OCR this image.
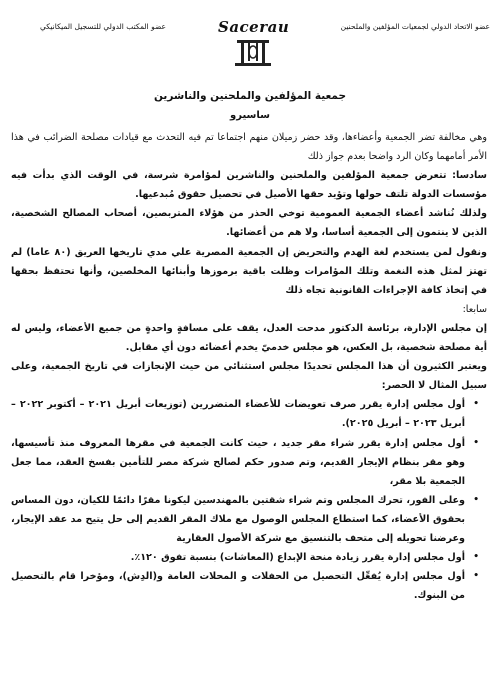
عضو الاتحاد الدولي لجمعيات المؤلفين والملحنين
Sacerau
عضو المكتب الدولي للتسجيل الميكانيكي
جمعية المؤلفين والملحنين والناشرين
ساسيرو

وهي مخالفة تضر الجمعية وأعضاءها، وقد حضر زميلان منهم اجتماعا تم فيه التحدث مع قيادات مصلحة الضرائب في هذا الأمر أمامهما وكان الرد واضحا بعدم جواز ذلك

سادسا: تتعرض جمعية المؤلفين والملحنين والناشرين لمؤامرة شرسة، في الوقت الذي بدأت فيه مؤسسات الدولة تلتف حولها وتؤيد حقها الأصيل في تحصيل حقوق مُبدعيها.

ولذلك نُناشد أعضاء الجمعية العمومية توخي الحذر من هؤلاء المتربصين، أصحاب المصالح الشخصية، الذين لا ينتمون إلى الجمعية أساسا، ولا هم من أعضائها.

ونقول لمن يستخدم لغة الهدم والتحريض إن الجمعية المصرية علي مدي تاريخها العريق (٨٠ عاما) لم تهتز لمثل هذه النغمة وتلك المؤامرات وظلت باقية برموزها وأبنائها المخلصين، وأنها تحتفظ بحقها في إتخاذ كافة الإجراءات القانونية تجاه ذلك

سابعا:

إن مجلس الإدارة، برئاسة الدكتور مدحت العدل، يقف على مسافةٍ واحدةٍ من جميع الأعضاء، وليس له أية مصلحة شخصية، بل العكس، هو مجلس خدميّ يخدم أعضائه دون أي مقابل.

ويعتبر الكثيرون أن هذا المجلس تحديدًا مجلس استثنائي من حيث الإنجازات في تاريخ الجمعية، وعلى سبيل المثال لا الحصر:

• أول مجلس إدارة يقرر صرف تعويضات للأعضاء المتضررين (توزيعات أبريل ٢٠٢١ – أكتوبر ٢٠٢٢ – أبريل ٢٠٢٣ – أبريل ٢٠٢٥).

• أول مجلس إدارة يقرر شراء مقر جديد ، حيث كانت الجمعية في مقرها المعروف منذ تأسيسها، وهو مقر بنظام الإيجار القديم، وتم صدور حكم لصالح شركة مصر للتأمين بفسخ العقد، مما جعل الجمعية بلا مقر،

• وعلى الفور، تحرك المجلس وتم شراء شقتين بالمهندسين ليكونا مقرًا دائمًا للكيان، دون المساس بحقوق الأعضاء، كما استطاع المجلس الوصول مع ملاك المقر القديم إلى حل يتيح مد عقد الإيجار، وعرضنا تحويله إلى متحف بالتنسيق مع شركة الأصول العقارية

• أول مجلس إدارة يقرر زيادة منحة الإبداع (المعاشات) بنسبة تفوق ١٢٠٪.

• أول مجلس إدارة يُفعِّل التحصيل من الحفلات و المحلات العامة و(الدِش)، ومؤخرا قام بالتحصيل من البنوك.
